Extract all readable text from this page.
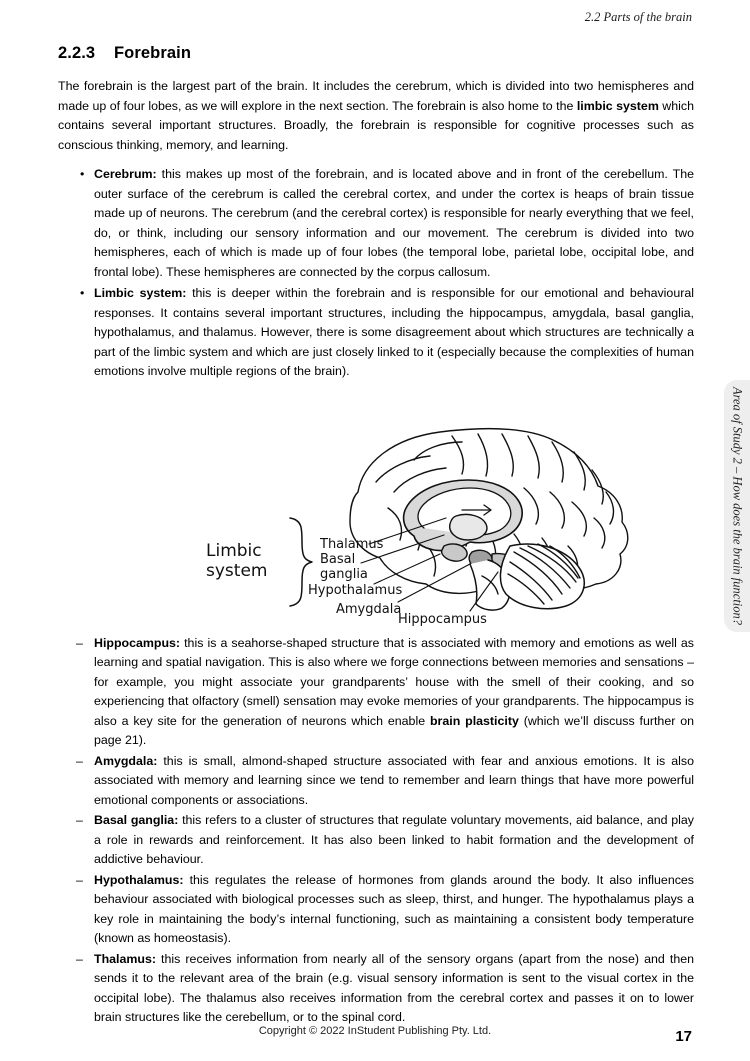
2.2 Parts of the brain
2.2.3 Forebrain

The forebrain is the largest part of the brain. It includes the cerebrum, which is divided into two hemispheres and made up of four lobes, as we will explore in the next section. The forebrain is also home to the limbic system which contains several important structures. Broadly, the forebrain is responsible for cognitive processes such as conscious thinking, memory, and learning.

• Cerebrum: this makes up most of the forebrain, and is located above and in front of the cerebellum. The outer surface of the cerebrum is called the cerebral cortex, and under the cortex is heaps of brain tissue made up of neurons. The cerebrum (and the cerebral cortex) is responsible for nearly everything that we feel, do, or think, including our sensory information and our movement. The cerebrum is divided into two hemispheres, each of which is made up of four lobes (the temporal lobe, parietal lobe, occipital lobe, and frontal lobe). These hemispheres are connected by the corpus callosum.
• Limbic system: this is deeper within the forebrain and is responsible for our emotional and behavioural responses. It contains several important structures, including the hippocampus, amygdala, basal ganglia, hypothalamus, and thalamus. However, there is some disagreement about which structures are technically a part of the limbic system and which are just closely linked to it (especially because the complexities of human emotions involve multiple regions of the brain).
Limbic
system
Thalamus
Basal
ganglia
Hypothalamus
Amygdala
Hippocampus
– Hippocampus: this is a seahorse-shaped structure that is associated with memory and emotions as well as learning and spatial navigation. This is also where we forge connections between memories and sensations – for example, you might associate your grandparents’ house with the smell of their cooking, and so experiencing that olfactory (smell) sensation may evoke memories of your grandparents. The hippocampus is also a key site for the generation of neurons which enable brain plasticity (which we’ll discuss further on page 21).
– Amygdala: this is small, almond-shaped structure associated with fear and anxious emotions. It is also associated with memory and learning since we tend to remember and learn things that have more powerful emotional components or associations.
– Basal ganglia: this refers to a cluster of structures that regulate voluntary movements, aid balance, and play a role in rewards and reinforcement. It has also been linked to habit formation and the development of addictive behaviour.
– Hypothalamus: this regulates the release of hormones from glands around the body. It also influences behaviour associated with biological processes such as sleep, thirst, and hunger. The hypothalamus plays a key role in maintaining the body’s internal functioning, such as maintaining a consistent body temperature (known as homeostasis).
– Thalamus: this receives information from nearly all of the sensory organs (apart from the nose) and then sends it to the relevant area of the brain (e.g. visual sensory information is sent to the visual cortex in the occipital lobe). The thalamus also receives information from the cerebral cortex and passes it on to lower brain structures like the cerebellum, or to the spinal cord.
Area of Study 2 – How does the brain function?
Copyright © 2022 InStudent Publishing Pty. Ltd.	17
